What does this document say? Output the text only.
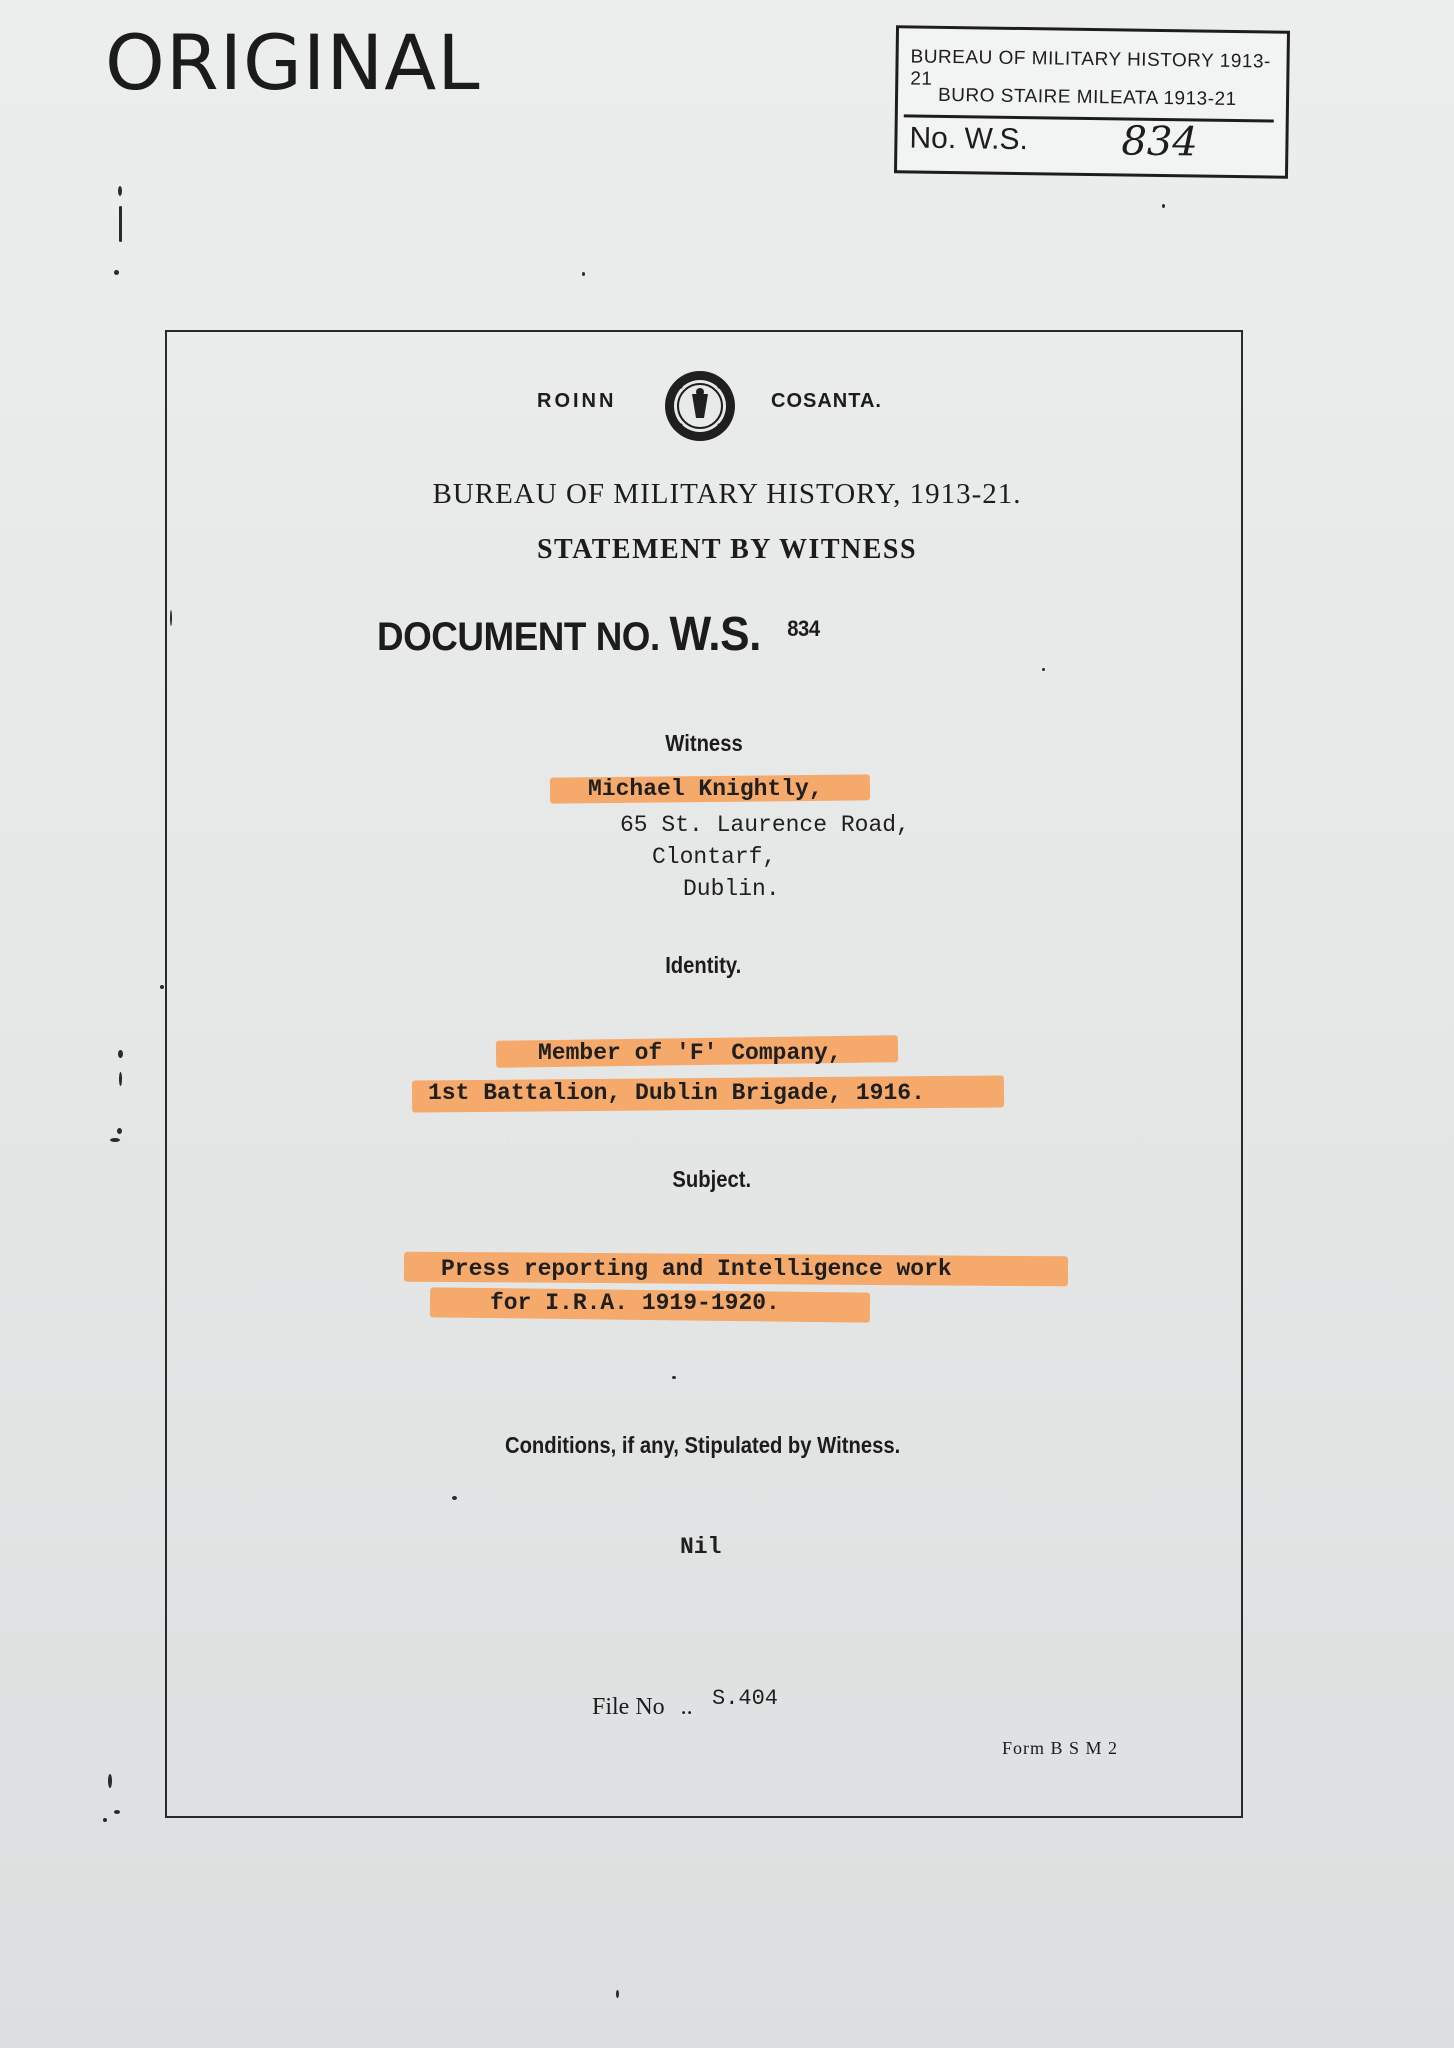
ORIGINAL	BUREAU OF MILITARY HISTORY 1913-21
BURO STAIRE MILEATA 1913-21
No. W.S. 834
ROINN	COSANTA.
BUREAU OF MILITARY HISTORY, 1913-21.
STATEMENT BY WITNESS
DOCUMENT NO. W.S. $^{834}$
Witness
Michael Knightly,
65 St. Laurence Road,
Clontarf,
Dublin.
Identity.
Member of 'F' Company,
1st Battalion, Dublin Brigade, 1916.
Subject.
Press reporting and Intelligence work
for I.R.A. 1919-1920.
Conditions, if any, Stipulated by Witness.
Nil
File No .. S.404
Form B S M 2
